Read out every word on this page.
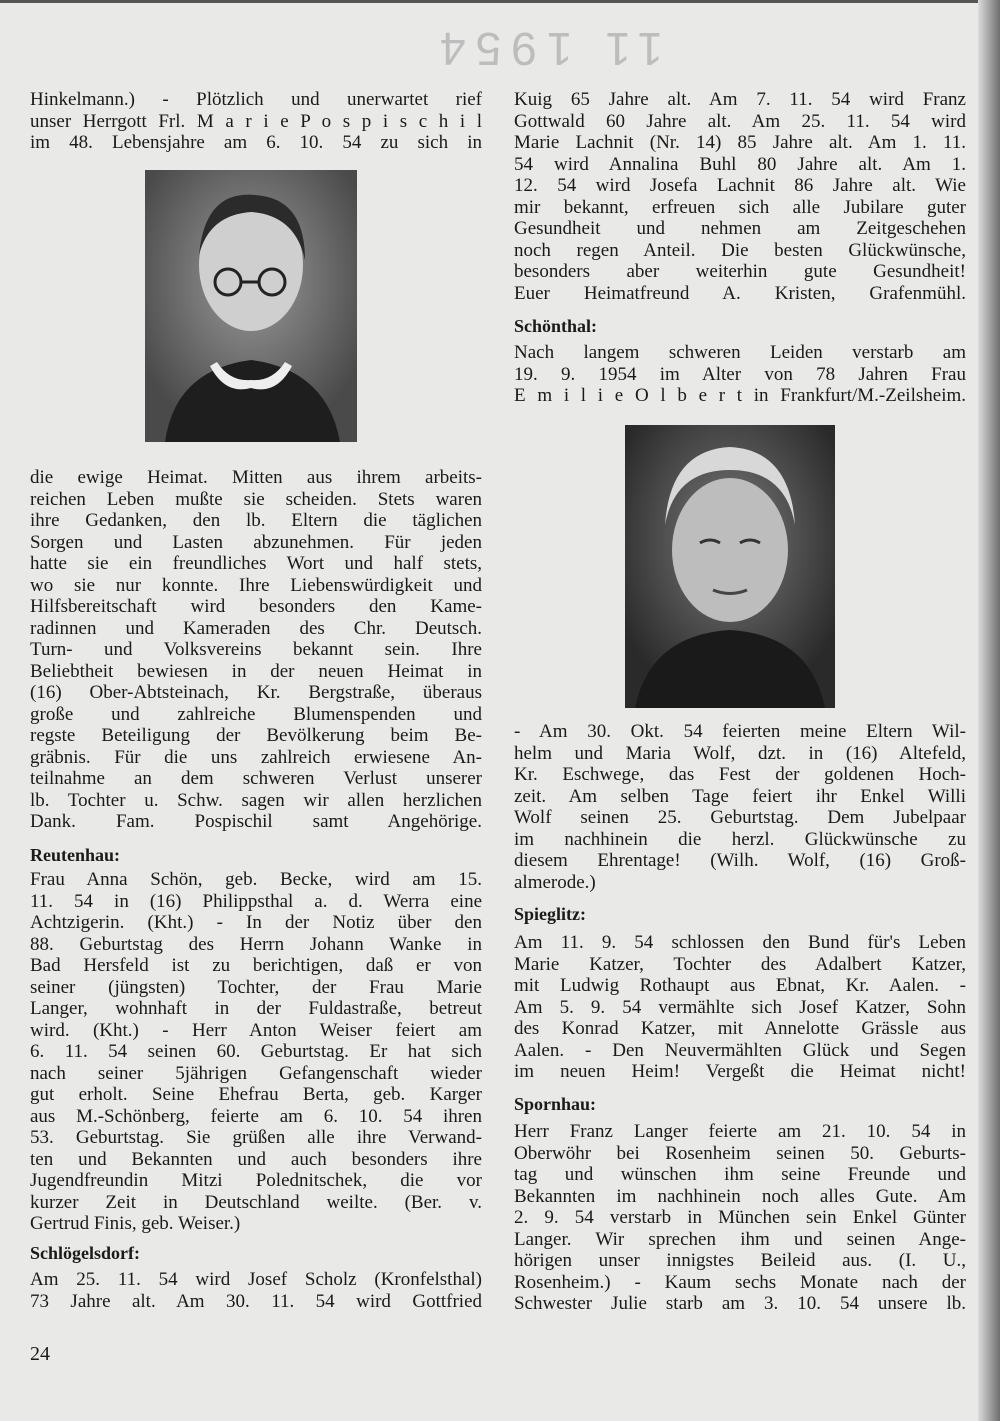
11 1954
Hinkelmann.) - Plötzlich und unerwartet rief
unser Herrgott Frl. M a r i e P o s p i s c h i l
im 48. Lebensjahre am 6. 10. 54 zu sich in
die ewige Heimat. Mitten aus ihrem arbeits-
reichen Leben mußte sie scheiden. Stets waren
ihre Gedanken, den lb. Eltern die täglichen
Sorgen und Lasten abzunehmen. Für jeden
hatte sie ein freundliches Wort und half stets,
wo sie nur konnte. Ihre Liebenswürdigkeit und
Hilfsbereitschaft wird besonders den Kame-
radinnen und Kameraden des Chr. Deutsch.
Turn- und Volksvereins bekannt sein. Ihre
Beliebtheit bewiesen in der neuen Heimat in
(16) Ober-Abtsteinach, Kr. Bergstraße, überaus
große und zahlreiche Blumenspenden und
regste Beteiligung der Bevölkerung beim Be-
gräbnis. Für die uns zahlreich erwiesene An-
teilnahme an dem schweren Verlust unserer
lb. Tochter u. Schw. sagen wir allen herzlichen
Dank. Fam. Pospischil samt Angehörige.
Reutenhau:
Frau Anna Schön, geb. Becke, wird am 15.
11. 54 in (16) Philippsthal a. d. Werra eine
Achtzigerin. (Kht.) - In der Notiz über den
88. Geburtstag des Herrn Johann Wanke in
Bad Hersfeld ist zu berichtigen, daß er von
seiner (jüngsten) Tochter, der Frau Marie
Langer, wohnhaft in der Fuldastraße, betreut
wird. (Kht.) - Herr Anton Weiser feiert am
6. 11. 54 seinen 60. Geburtstag. Er hat sich
nach seiner 5jährigen Gefangenschaft wieder
gut erholt. Seine Ehefrau Berta, geb. Karger
aus M.-Schönberg, feierte am 6. 10. 54 ihren
53. Geburtstag. Sie grüßen alle ihre Verwand-
ten und Bekannten und auch besonders ihre
Jugendfreundin Mitzi Polednitschek, die vor
kurzer Zeit in Deutschland weilte. (Ber. v.
Gertrud Finis, geb. Weiser.)
Schlögelsdorf:
Am 25. 11. 54 wird Josef Scholz (Kronfelsthal)
73 Jahre alt. Am 30. 11. 54 wird Gottfried
24
Kuig 65 Jahre alt. Am 7. 11. 54 wird Franz
Gottwald 60 Jahre alt. Am 25. 11. 54 wird
Marie Lachnit (Nr. 14) 85 Jahre alt. Am 1. 11.
54 wird Annalina Buhl 80 Jahre alt. Am 1.
12. 54 wird Josefa Lachnit 86 Jahre alt. Wie
mir bekannt, erfreuen sich alle Jubilare guter
Gesundheit und nehmen am Zeitgeschehen
noch regen Anteil. Die besten Glückwünsche,
besonders aber weiterhin gute Gesundheit!
Euer Heimatfreund A. Kristen, Grafenmühl.
Schönthal:
Nach langem schweren Leiden verstarb am
19. 9. 1954 im Alter von 78 Jahren Frau
E m i l i e O l b e r t in Frankfurt/M.-Zeilsheim.
- Am 30. Okt. 54 feierten meine Eltern Wil-
helm und Maria Wolf, dzt. in (16) Altefeld,
Kr. Eschwege, das Fest der goldenen Hoch-
zeit. Am selben Tage feiert ihr Enkel Willi
Wolf seinen 25. Geburtstag. Dem Jubelpaar
im nachhinein die herzl. Glückwünsche zu
diesem Ehrentage! (Wilh. Wolf, (16) Groß-
almerode.)
Spieglitz:
Am 11. 9. 54 schlossen den Bund für's Leben
Marie Katzer, Tochter des Adalbert Katzer,
mit Ludwig Rothaupt aus Ebnat, Kr. Aalen. -
Am 5. 9. 54 vermählte sich Josef Katzer, Sohn
des Konrad Katzer, mit Annelotte Grässle aus
Aalen. - Den Neuvermählten Glück und Segen
im neuen Heim! Vergeßt die Heimat nicht!
Spornhau:
Herr Franz Langer feierte am 21. 10. 54 in
Oberwöhr bei Rosenheim seinen 50. Geburts-
tag und wünschen ihm seine Freunde und
Bekannten im nachhinein noch alles Gute. Am
2. 9. 54 verstarb in München sein Enkel Günter
Langer. Wir sprechen ihm und seinen Ange-
hörigen unser innigstes Beileid aus. (I. U.,
Rosenheim.) - Kaum sechs Monate nach der
Schwester Julie starb am 3. 10. 54 unsere lb.
